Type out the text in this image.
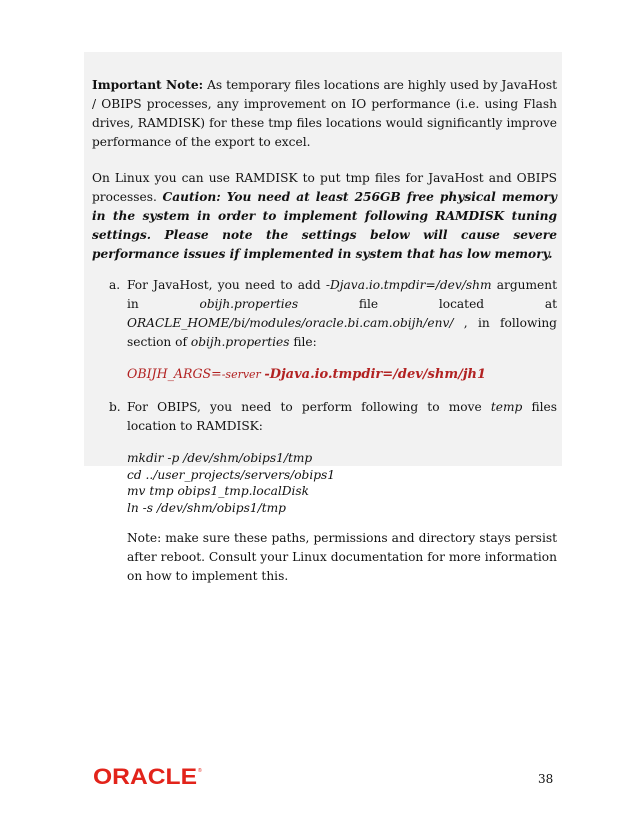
Important Note: As temporary files locations are highly used by JavaHost / OBIPS processes, any improvement on IO performance (i.e. using Flash drives, RAMDISK) for these tmp files locations would significantly improve performance of the export to excel.

On Linux you can use RAMDISK to put tmp files for JavaHost and OBIPS processes. Caution: You need at least 256GB free physical memory in the system in order to implement following RAMDISK tuning settings. Please note the settings below will cause severe performance issues if implemented in system that has low memory.

a. For JavaHost, you need to add -Djava.io.tmpdir=/dev/shm argument in obijh.properties file located at ORACLE_HOME/bi/modules/oracle.bi.cam.obijh/env/ , in following section of obijh.properties file:

OBIJH_ARGS=-server -Djava.io.tmpdir=/dev/shm/jh1
b. For OBIPS, you need to perform following to move temp files location to RAMDISK:

mkdir -p /dev/shm/obips1/tmp
cd ../user_projects/servers/obips1
mv tmp obips1_tmp.localDisk
ln -s /dev/shm/obips1/tmp

Note: make sure these paths, permissions and directory stays persist after reboot. Consult your Linux documentation for more information on how to implement this.

ORACLE ®
38
